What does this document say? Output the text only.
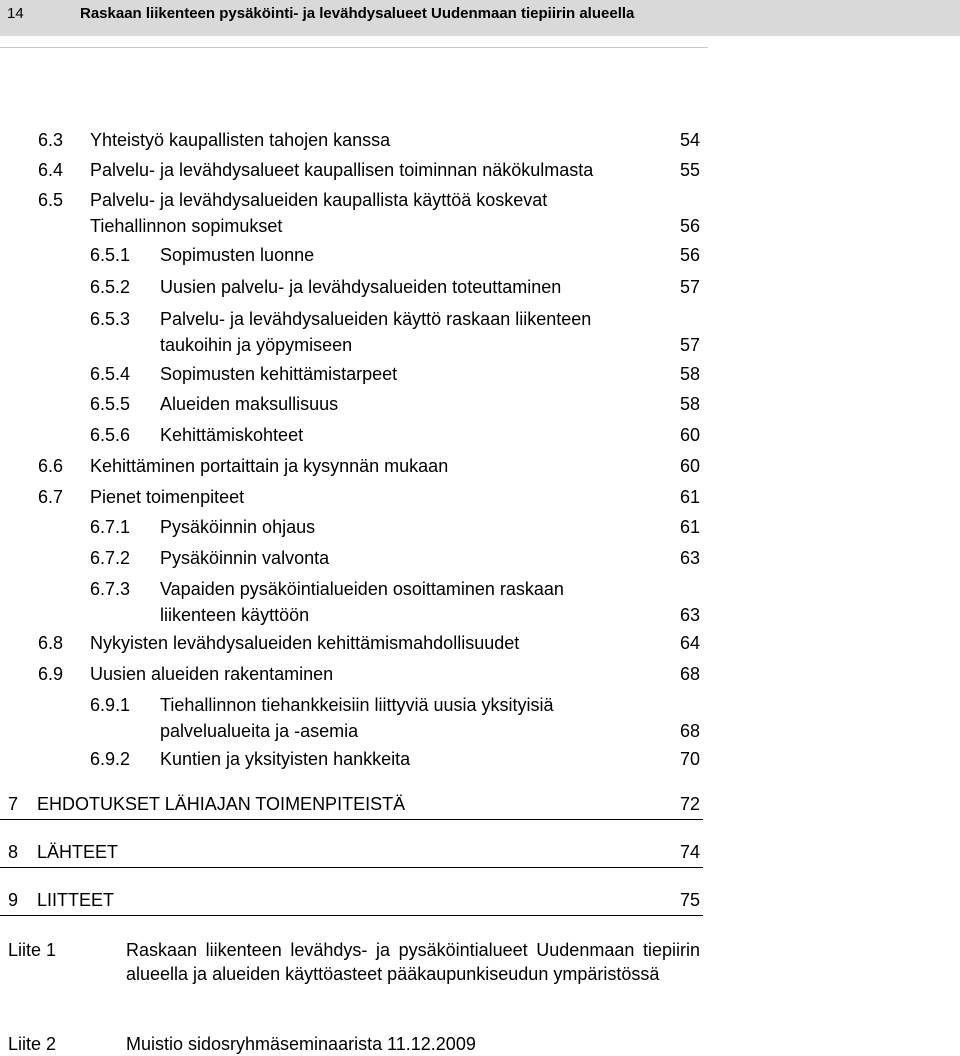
14	Raskaan liikenteen pysäköinti- ja levähdysalueet Uudenmaan tiepiirin alueella
6.3 Yhteistyö kaupallisten tahojen kanssa	54
6.4 Palvelu- ja levähdysalueet kaupallisen toiminnan näkökulmasta	55
6.5 Palvelu- ja levähdysalueiden kaupallista käyttöä koskevat
Tiehallinnon sopimukset	56
6.5.1 Sopimusten luonne	56
6.5.2 Uusien palvelu- ja levähdysalueiden toteuttaminen	57
6.5.3 Palvelu- ja levähdysalueiden käyttö raskaan liikenteen
taukoihin ja yöpymiseen	57
6.5.4 Sopimusten kehittämistarpeet	58
6.5.5 Alueiden maksullisuus	58
6.5.6 Kehittämiskohteet	60
6.6 Kehittäminen portaittain ja kysynnän mukaan	60
6.7 Pienet toimenpiteet	61
6.7.1 Pysäköinnin ohjaus	61
6.7.2 Pysäköinnin valvonta	63
6.7.3 Vapaiden pysäköintialueiden osoittaminen raskaan
liikenteen käyttöön	63
6.8 Nykyisten levähdysalueiden kehittämismahdollisuudet	64
6.9 Uusien alueiden rakentaminen	68
6.9.1 Tiehallinnon tiehankkeisiin liittyviä uusia yksityisiä
palvelualueita ja -asemia	68
6.9.2 Kuntien ja yksityisten hankkeita	70
7 EHDOTUKSET LÄHIAJAN TOIMENPITEISTÄ	72
8 LÄHTEET	74
9 LIITTEET	75
Liite 1	Raskaan liikenteen levähdys- ja pysäköintialueet Uudenmaan tiepiirin alueella ja alueiden käyttöasteet pääkaupunkiseudun ympäristössä
Liite 2	Muistio sidosryhmäseminaarista 11.12.2009
